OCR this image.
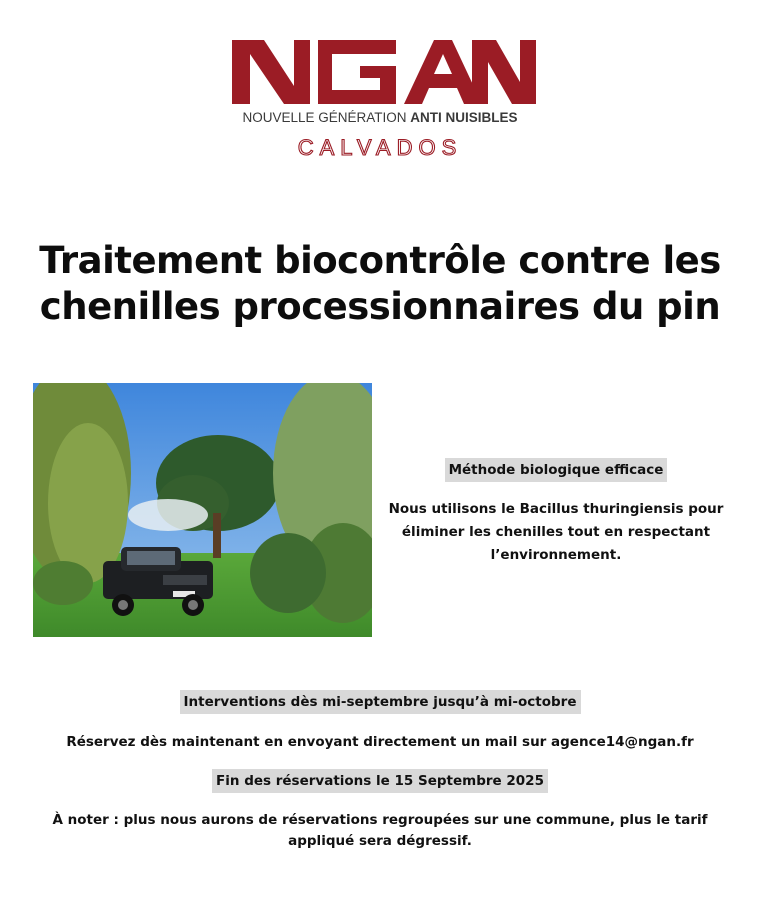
NOUVELLE GÉNÉRATION ANTI NUISIBLES
CALVADOS
Traitement biocontrôle contre les
chenilles processionnaires du pin
Méthode biologique efficace

Nous utilisons le Bacillus thuringiensis pour
éliminer les chenilles tout en respectant
l’environnement.

Interventions dès mi-septembre jusqu’à mi-octobre
Réservez dès maintenant en envoyant directement un mail sur agence14@ngan.fr
Fin des réservations le 15 Septembre 2025
À noter : plus nous aurons de réservations regroupées sur une commune, plus le tarif
appliqué sera dégressif.
